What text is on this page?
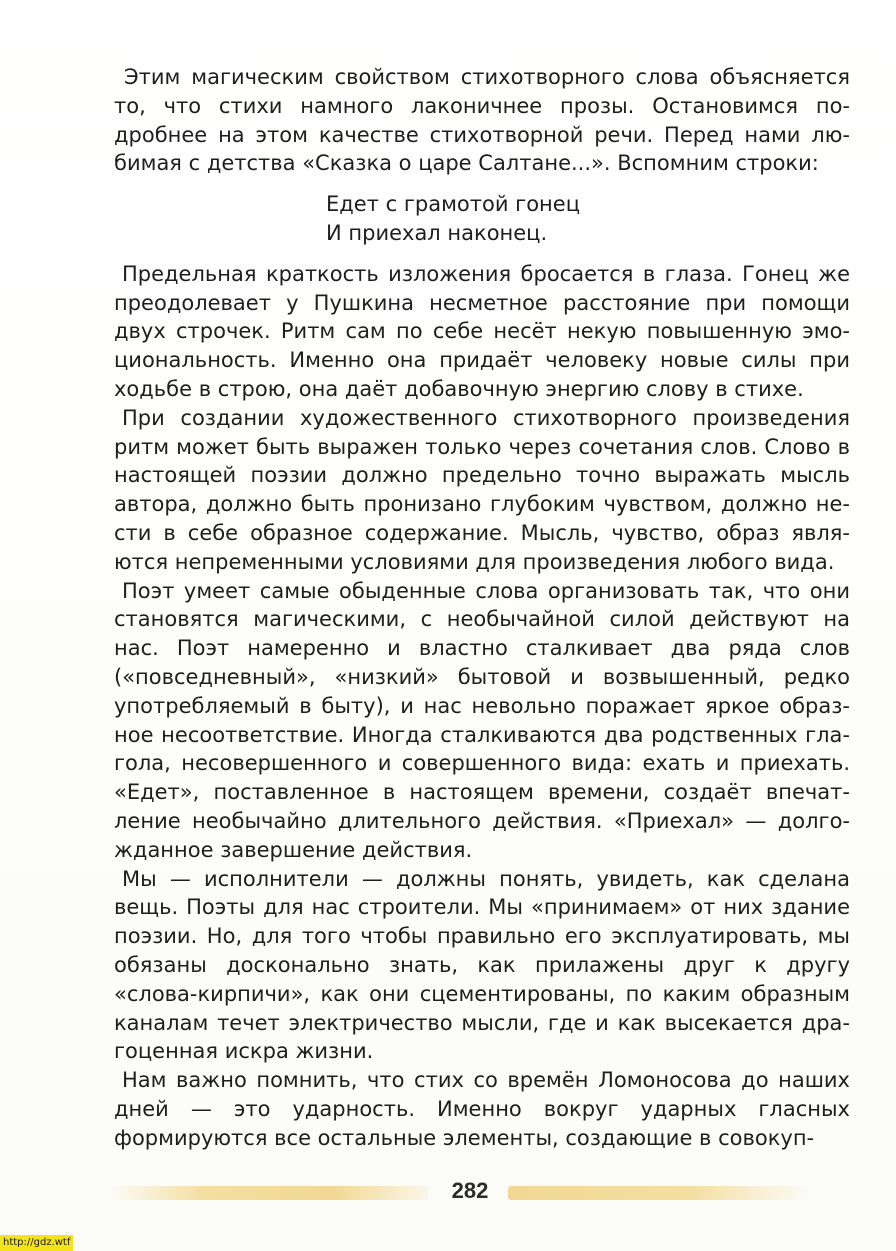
Этим магическим свойством стихотворного слова объясняется то, что стихи намного лаконичнее прозы. Остановимся подробнее на этом качестве стихотворной речи. Перед нами любимая с детства «Сказка о царе Салтане...». Вспомним строки:

Едет с грамотой гонец
И приехал наконец.

Предельная краткость изложения бросается в глаза. Гонец же преодолевает у Пушкина несметное расстояние при помощи двух строчек. Ритм сам по себе несёт некую повышенную эмоциональность. Именно она придаёт человеку новые силы при ходьбе в строю, она даёт добавочную энергию слову в стихе.

При создании художественного стихотворного произведения ритм может быть выражен только через сочетания слов. Слово в настоящей поэзии должно предельно точно выражать мысль автора, должно быть пронизано глубоким чувством, должно нести в себе образное содержание. Мысль, чувство, образ являются непременными условиями для произведения любого вида.

Поэт умеет самые обыденные слова организовать так, что они становятся магическими, с необычайной силой действуют на нас. Поэт намеренно и властно сталкивает два ряда слов («повседневный», «низкий» бытовой и возвышенный, редко употребляемый в быту), и нас невольно поражает яркое образное несоответствие. Иногда сталкиваются два родственных глагола, несовершенного и совершенного вида: ехать и приехать. «Едет», поставленное в настоящем времени, создаёт впечатление необычайно длительного действия. «Приехал» — долгожданное завершение действия.

Мы — исполнители — должны понять, увидеть, как сделана вещь. Поэты для нас строители. Мы «принимаем» от них здание поэзии. Но, для того чтобы правильно его эксплуатировать, мы обязаны досконально знать, как прилажены друг к другу «слова-кирпичи», как они сцементированы, по каким образным каналам течет электричество мысли, где и как высекается драгоценная искра жизни.

Нам важно помнить, что стих со времён Ломоносова до наших дней — это ударность. Именно вокруг ударных гласных формируются все остальные элементы, создающие в совокуп-

282
http://gdz.wtf
